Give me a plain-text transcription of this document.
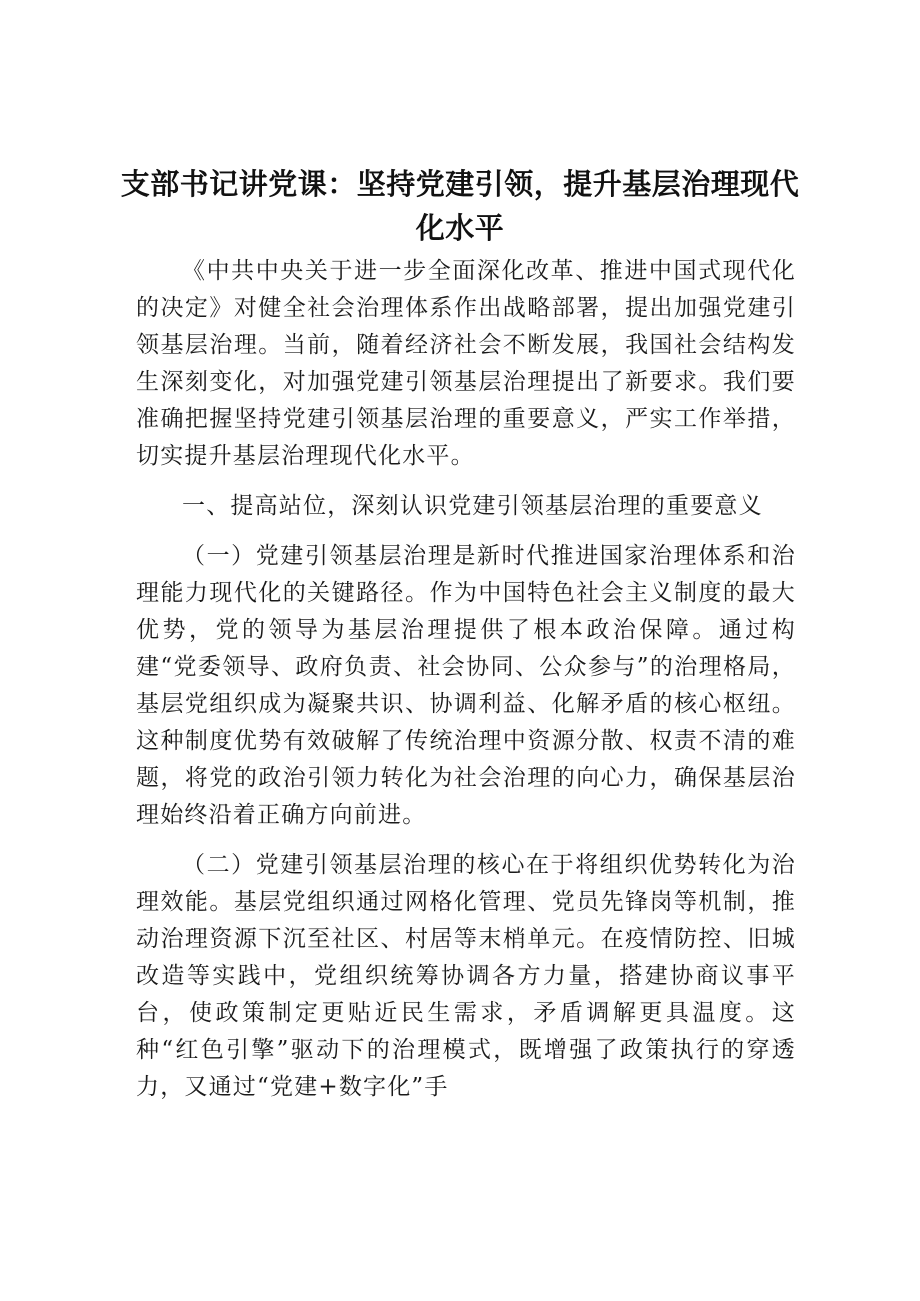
支部书记讲党课：坚持党建引领，提升基层治理现代化水平

《中共中央关于进一步全面深化改革、推进中国式现代化的决定》对健全社会治理体系作出战略部署，提出加强党建引领基层治理。当前，随着经济社会不断发展，我国社会结构发生深刻变化，对加强党建引领基层治理提出了新要求。我们要准确把握坚持党建引领基层治理的重要意义，严实工作举措，切实提升基层治理现代化水平。

一、提高站位，深刻认识党建引领基层治理的重要意义

（一）党建引领基层治理是新时代推进国家治理体系和治理能力现代化的关键路径。作为中国特色社会主义制度的最大优势，党的领导为基层治理提供了根本政治保障。通过构建“党委领导、政府负责、社会协同、公众参与”的治理格局，基层党组织成为凝聚共识、协调利益、化解矛盾的核心枢纽。这种制度优势有效破解了传统治理中资源分散、权责不清的难题，将党的政治引领力转化为社会治理的向心力，确保基层治理始终沿着正确方向前进。

（二）党建引领基层治理的核心在于将组织优势转化为治理效能。基层党组织通过网格化管理、党员先锋岗等机制，推动治理资源下沉至社区、村居等末梢单元。在疫情防控、旧城改造等实践中，党组织统筹协调各方力量，搭建协商议事平台，使政策制定更贴近民生需求，矛盾调解更具温度。这种“红色引擎”驱动下的治理模式，既增强了政策执行的穿透力，又通过“党建+数字化”手
